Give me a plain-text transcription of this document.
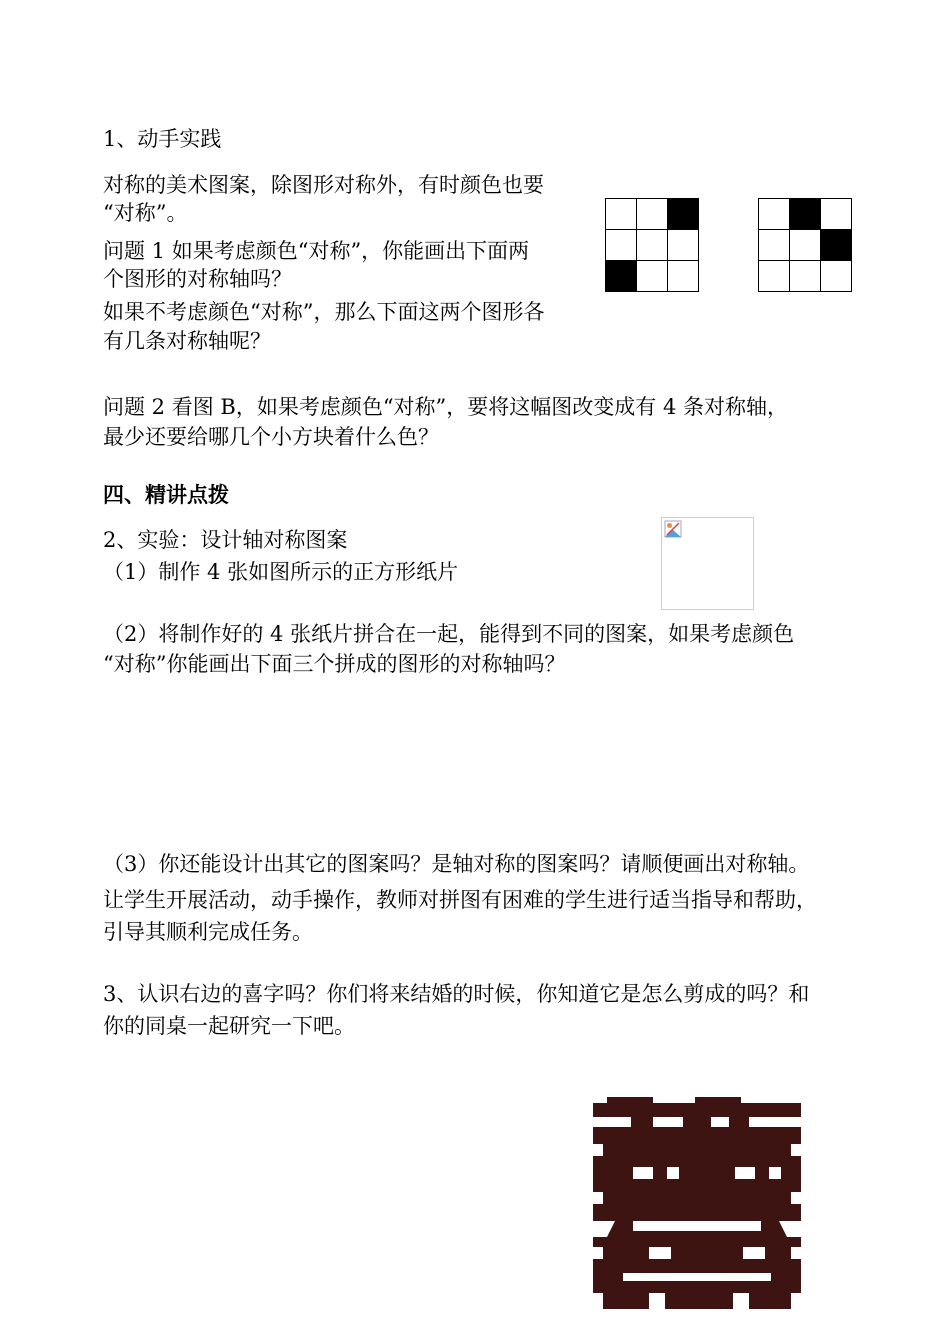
1、动手实践

对称的美术图案，除图形对称外，有时颜色也要

“对称”。

问题 1 如果考虑颜色“对称”，你能画出下面两

个图形的对称轴吗？

如果不考虑颜色“对称”，那么下面这两个图形各

有几条对称轴呢？

问题 2 看图 B，如果考虑颜色“对称”，要将这幅图改变成有 4 条对称轴，

最少还要给哪几个小方块着什么色？

四、精讲点拨

2、实验：设计轴对称图案

（1）制作 4 张如图所示的正方形纸片

（2）将制作好的 4 张纸片拼合在一起，能得到不同的图案，如果考虑颜色

“对称”你能画出下面三个拼成的图形的对称轴吗？

（3）你还能设计出其它的图案吗？是轴对称的图案吗？请顺便画出对称轴。

让学生开展活动，动手操作，教师对拼图有困难的学生进行适当指导和帮助，

引导其顺利完成任务。

3、认识右边的喜字吗？你们将来结婚的时候，你知道它是怎么剪成的吗？和

你的同桌一起研究一下吧。
